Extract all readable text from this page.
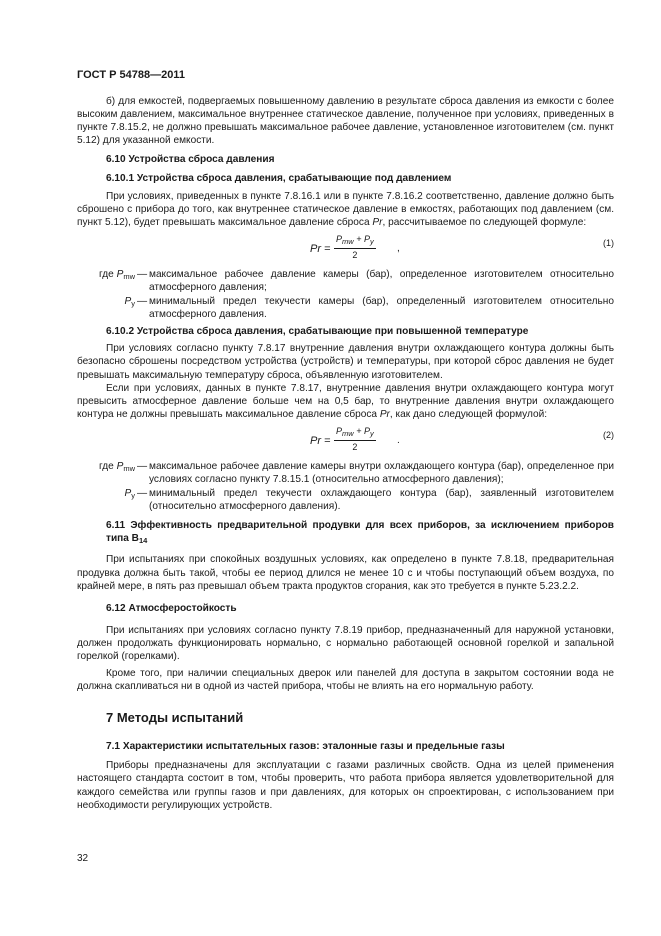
ГОСТ Р 54788—2011

б) для емкостей, подвергаемых повышенному давлению в результате сброса давления из емкости с более высоким давлением, максимальное внутреннее статическое давление, полученное при условиях, приведенных в пункте 7.8.15.2, не должно превышать максимальное рабочее давление, установленное изготовителем (см. пункт 5.12) для указанной емкости.

6.10 Устройства сброса давления

6.10.1 Устройства сброса давления, срабатывающие под давлением

При условиях, приведенных в пункте 7.8.16.1 или в пункте 7.8.16.2 соответственно, давление должно быть сброшено с прибора до того, как внутреннее статическое давление в емкостях, работающих под давлением (см. пункт 5.12), будет превышать максимальное давление сброса Pr, рассчитываемое по следующей формуле:

Pr =
$P_{mw} + P_y$
2
,	(1)
где $P_{mw}$ — максимальное рабочее давление камеры (бар), определенное изготовителем относительно атмосферного давления;
$P_y$ — минимальный предел текучести камеры (бар), определенный изготовителем относительно атмосферного давления.

6.10.2 Устройства сброса давления, срабатывающие при повышенной температуре

При условиях согласно пункту 7.8.17 внутренние давления внутри охлаждающего контура должны быть безопасно сброшены посредством устройства (устройств) и температуры, при которой сброс давления не будет превышать максимальную температуру сброса, объявленную изготовителем.

Если при условиях, данных в пункте 7.8.17, внутренние давления внутри охлаждающего контура могут превысить атмосферное давление больше чем на 0,5 бар, то внутренние давления внутри охлаждающего контура не должны превышать максимальное давление сброса Pr, как дано следующей формулой:

Pr =
$P_{mw} + P_y$
2
.	(2)
где $P_{mw}$ — максимальное рабочее давление камеры внутри охлаждающего контура (бар), определенное при условиях согласно пункту 7.8.15.1 (относительно атмосферного давления);
$P_y$ — минимальный предел текучести охлаждающего контура (бар), заявленный изготовителем (относительно атмосферного давления).

6.11 Эффективность предварительной продувки для всех приборов, за исключением приборов типа $В_{14}$

При испытаниях при спокойных воздушных условиях, как определено в пункте 7.8.18, предварительная продувка должна быть такой, чтобы ее период длился не менее 10 с и чтобы поступающий объем воздуха, по крайней мере, в пять раз превышал объем тракта продуктов сгорания, как это требуется в пункте 5.23.2.2.

6.12 Атмосферостойкость

При испытаниях при условиях согласно пункту 7.8.19 прибор, предназначенный для наружной установки, должен продолжать функционировать нормально, с нормально работающей основной горелкой и запальной горелкой (горелками).

Кроме того, при наличии специальных дверок или панелей для доступа в закрытом состоянии вода не должна скапливаться ни в одной из частей прибора, чтобы не влиять на его нормальную работу.

7 Методы испытаний

7.1 Характеристики испытательных газов: эталонные газы и предельные газы

Приборы предназначены для эксплуатации с газами различных свойств. Одна из целей применения настоящего стандарта состоит в том, чтобы проверить, что работа прибора является удовлетворительной для каждого семейства или группы газов и при давлениях, для которых он спроектирован, с использованием при необходимости регулирующих устройств.

32
